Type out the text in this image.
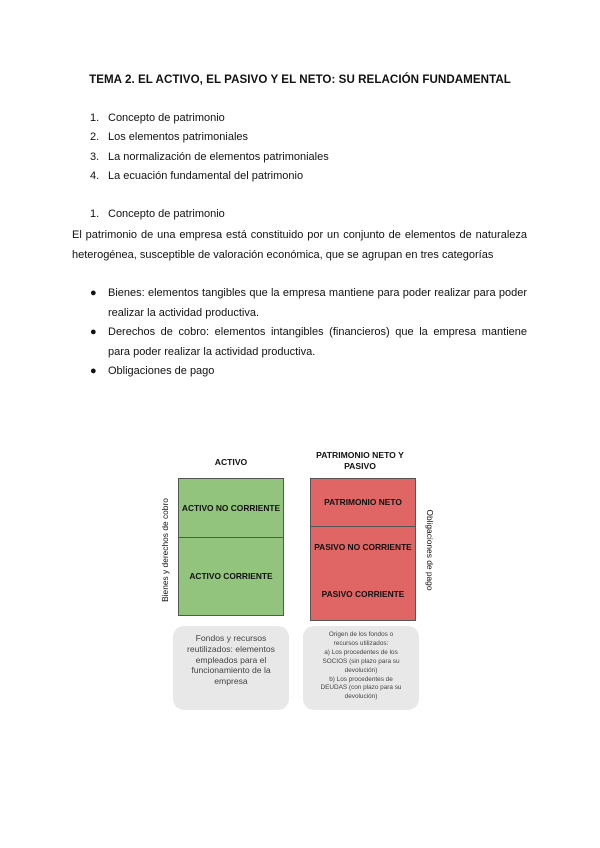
TEMA 2. EL ACTIVO, EL PASIVO Y EL NETO: SU RELACIÓN FUNDAMENTAL
1. Concepto de patrimonio
2. Los elementos patrimoniales
3. La normalización de elementos patrimoniales
4. La ecuación fundamental del patrimonio
1. Concepto de patrimonio
El patrimonio de una empresa está constituido por un conjunto de elementos de naturaleza heterogénea, susceptible de valoración económica, que se agrupan en tres categorías
● Bienes: elementos tangibles que la empresa mantiene para poder realizar para poder realizar la actividad productiva.
● Derechos de cobro: elementos intangibles (financieros) que la empresa mantiene para poder realizar la actividad productiva.
● Obligaciones de pago
ACTIVO
PATRIMONIO NETO Y PASIVO
ACTIVO NO CORRIENTE
ACTIVO CORRIENTE
PATRIMONIO NETO
PASIVO NO CORRIENTE
PASIVO CORRIENTE
Bienes y derechos de cobro	Obligaciones de pago
Fondos y recursos reutilizados: elementos empleados para el funcionamiento de la empresa
Origen de los fondos o
recursos utilizados:
a) Los procedentes de los
SOCIOS (sin plazo para su
devolución)
b) Los procedentes de
DEUDAS (con plazo para su
devolución)
